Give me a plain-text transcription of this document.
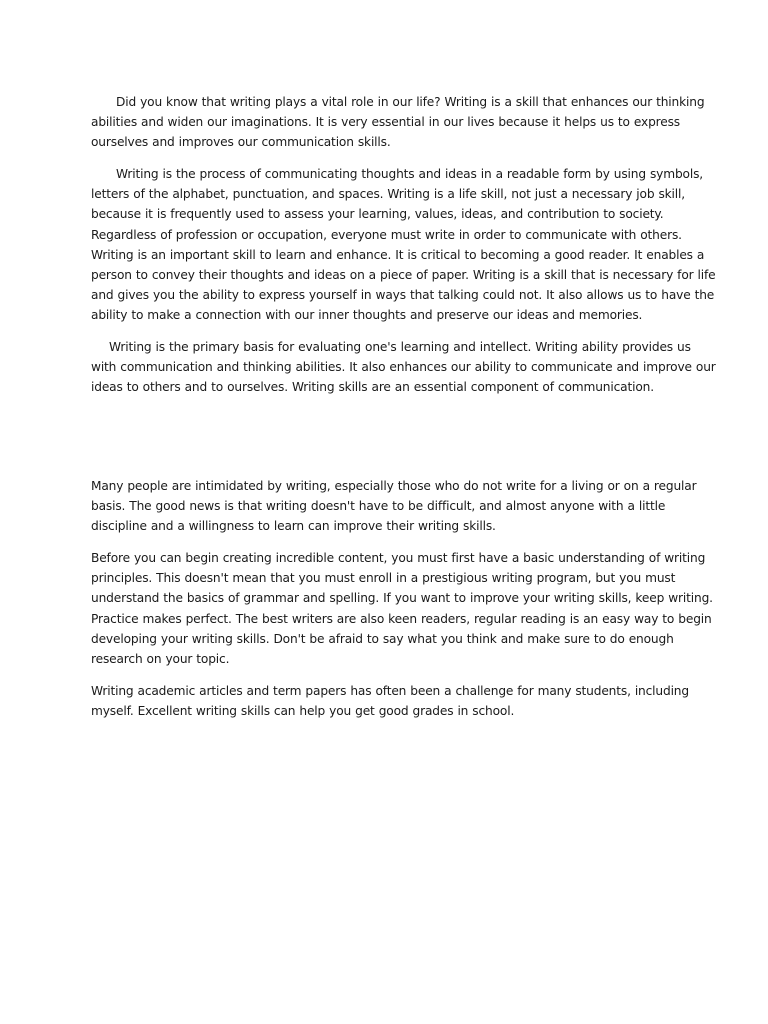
Did you know that writing plays a vital role in our life? Writing is a skill that enhances our thinking
abilities and widen our imaginations. It is very essential in our lives because it helps us to express
ourselves and improves our communication skills.

Writing is the process of communicating thoughts and ideas in a readable form by using symbols,
letters of the alphabet, punctuation, and spaces. Writing is a life skill, not just a necessary job skill,
because it is frequently used to assess your learning, values, ideas, and contribution to society.
Regardless of profession or occupation, everyone must write in order to communicate with others.
Writing is an important skill to learn and enhance. It is critical to becoming a good reader. It enables a
person to convey their thoughts and ideas on a piece of paper. Writing is a skill that is necessary for life
and gives you the ability to express yourself in ways that talking could not. It also allows us to have the
ability to make a connection with our inner thoughts and preserve our ideas and memories.

Writing is the primary basis for evaluating one's learning and intellect. Writing ability provides us
with communication and thinking abilities. It also enhances our ability to communicate and improve our
ideas to others and to ourselves. Writing skills are an essential component of communication.

Many people are intimidated by writing, especially those who do not write for a living or on a regular
basis. The good news is that writing doesn't have to be difficult, and almost anyone with a little
discipline and a willingness to learn can improve their writing skills.

Before you can begin creating incredible content, you must first have a basic understanding of writing
principles. This doesn't mean that you must enroll in a prestigious writing program, but you must
understand the basics of grammar and spelling. If you want to improve your writing skills, keep writing.
Practice makes perfect. The best writers are also keen readers, regular reading is an easy way to begin
developing your writing skills. Don't be afraid to say what you think and make sure to do enough
research on your topic.

Writing academic articles and term papers has often been a challenge for many students, including
myself. Excellent writing skills can help you get good grades in school.
